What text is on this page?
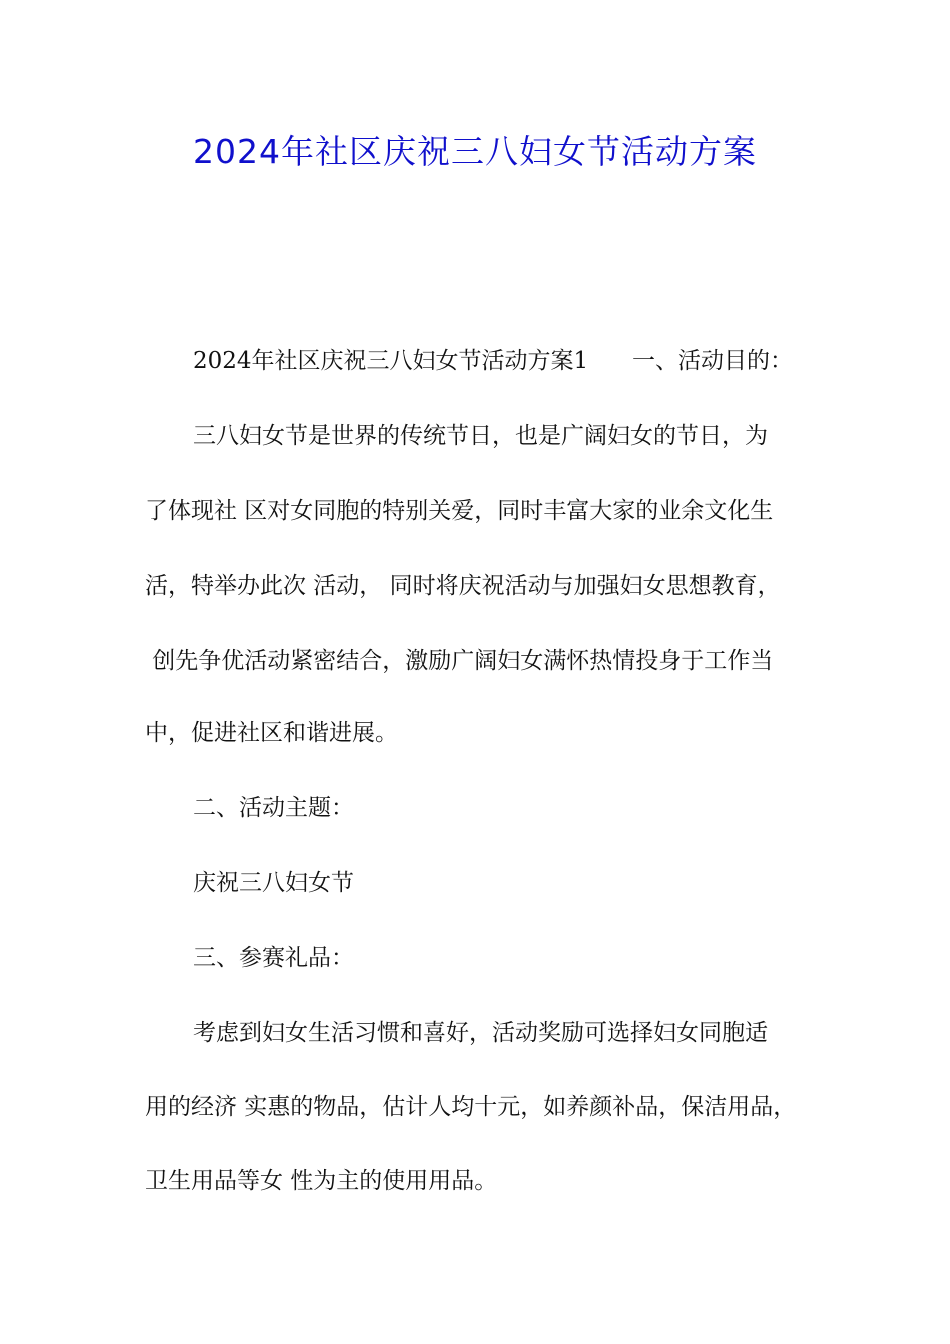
2024年社区庆祝三八妇女节活动方案
2024年社区庆祝三八妇女节活动方案1      一、活动目的：
三八妇女节是世界的传统节日，也是广阔妇女的节日，为
了体现社 区对女同胞的特别关爱，同时丰富大家的业余文化生
活，特举办此次 活动， 同时将庆祝活动与加强妇女思想教育，
创先争优活动紧密结合，激励广阔妇女满怀热情投身于工作当
中，促进社区和谐进展。
二、活动主题：
庆祝三八妇女节
三、参赛礼品：
考虑到妇女生活习惯和喜好，活动奖励可选择妇女同胞适
用的经济 实惠的物品，估计人均十元，如养颜补品，保洁用品，
卫生用品等女 性为主的使用用品。
